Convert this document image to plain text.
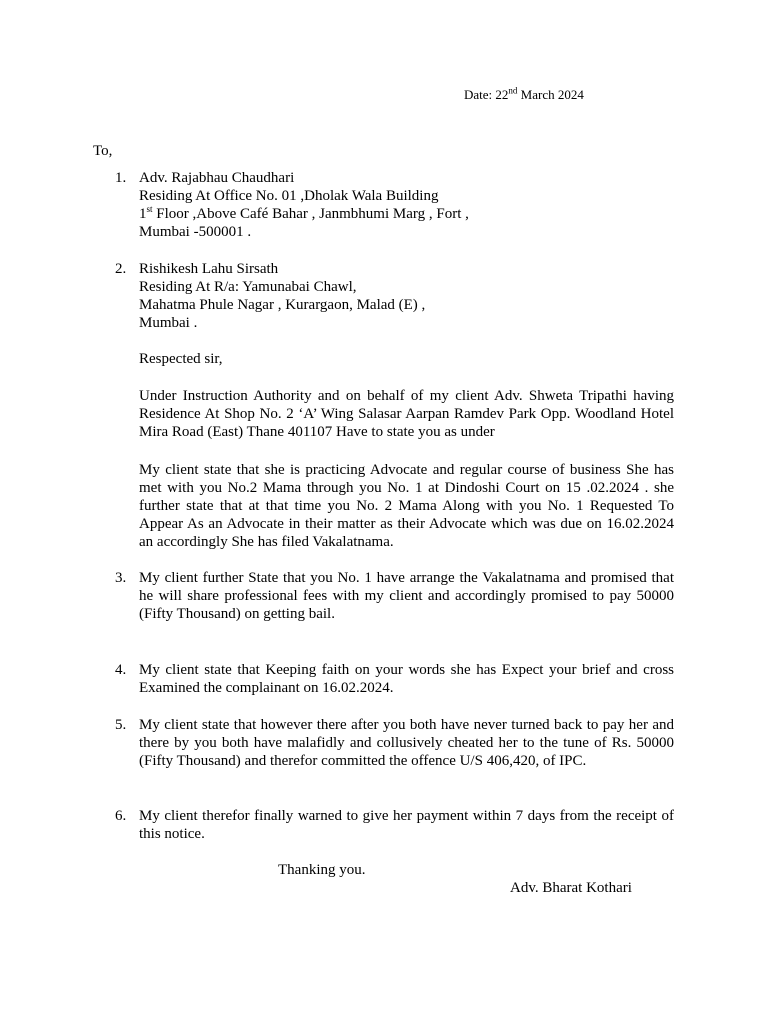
Date: 22nd March 2024
To,
1. Adv. Rajabhau Chaudhari
Residing At Office No. 01 ,Dholak Wala Building
1st Floor ,Above Café Bahar , Janmbhumi Marg , Fort ,
Mumbai -500001 .
2. Rishikesh Lahu Sirsath
Residing At R/a: Yamunabai Chawl,
Mahatma Phule Nagar , Kurargaon, Malad (E) ,
Mumbai .
Respected sir,
Under Instruction Authority and on behalf of my client Adv. Shweta Tripathi having Residence At Shop No. 2 ‘A’ Wing Salasar Aarpan Ramdev Park Opp. Woodland Hotel Mira Road (East) Thane 401107 Have to state you as under
My client state that she is practicing Advocate and regular course of business She has met with you No.2 Mama through you No. 1 at Dindoshi Court on 15 .02.2024 . she further state that at that time you No. 2 Mama Along with you No. 1 Requested To Appear As an Advocate in their matter as their Advocate which was due on 16.02.2024 an accordingly She has filed Vakalatnama.
3. My client further State that you No. 1 have arrange the Vakalatnama and promised that he will share professional fees with my client and accordingly promised to pay 50000 (Fifty Thousand) on getting bail.
4. My client state that Keeping faith on your words she has Expect your brief and cross Examined the complainant on 16.02.2024.
5. My client state that however there after you both have never turned back to pay her and there by you both have malafidly and collusively cheated her to the tune of Rs. 50000 (Fifty Thousand) and therefor committed the offence U/S 406,420, of IPC.
6. My client therefor finally warned to give her payment within 7 days from the receipt of this notice.
Thanking you.
Adv. Bharat Kothari
